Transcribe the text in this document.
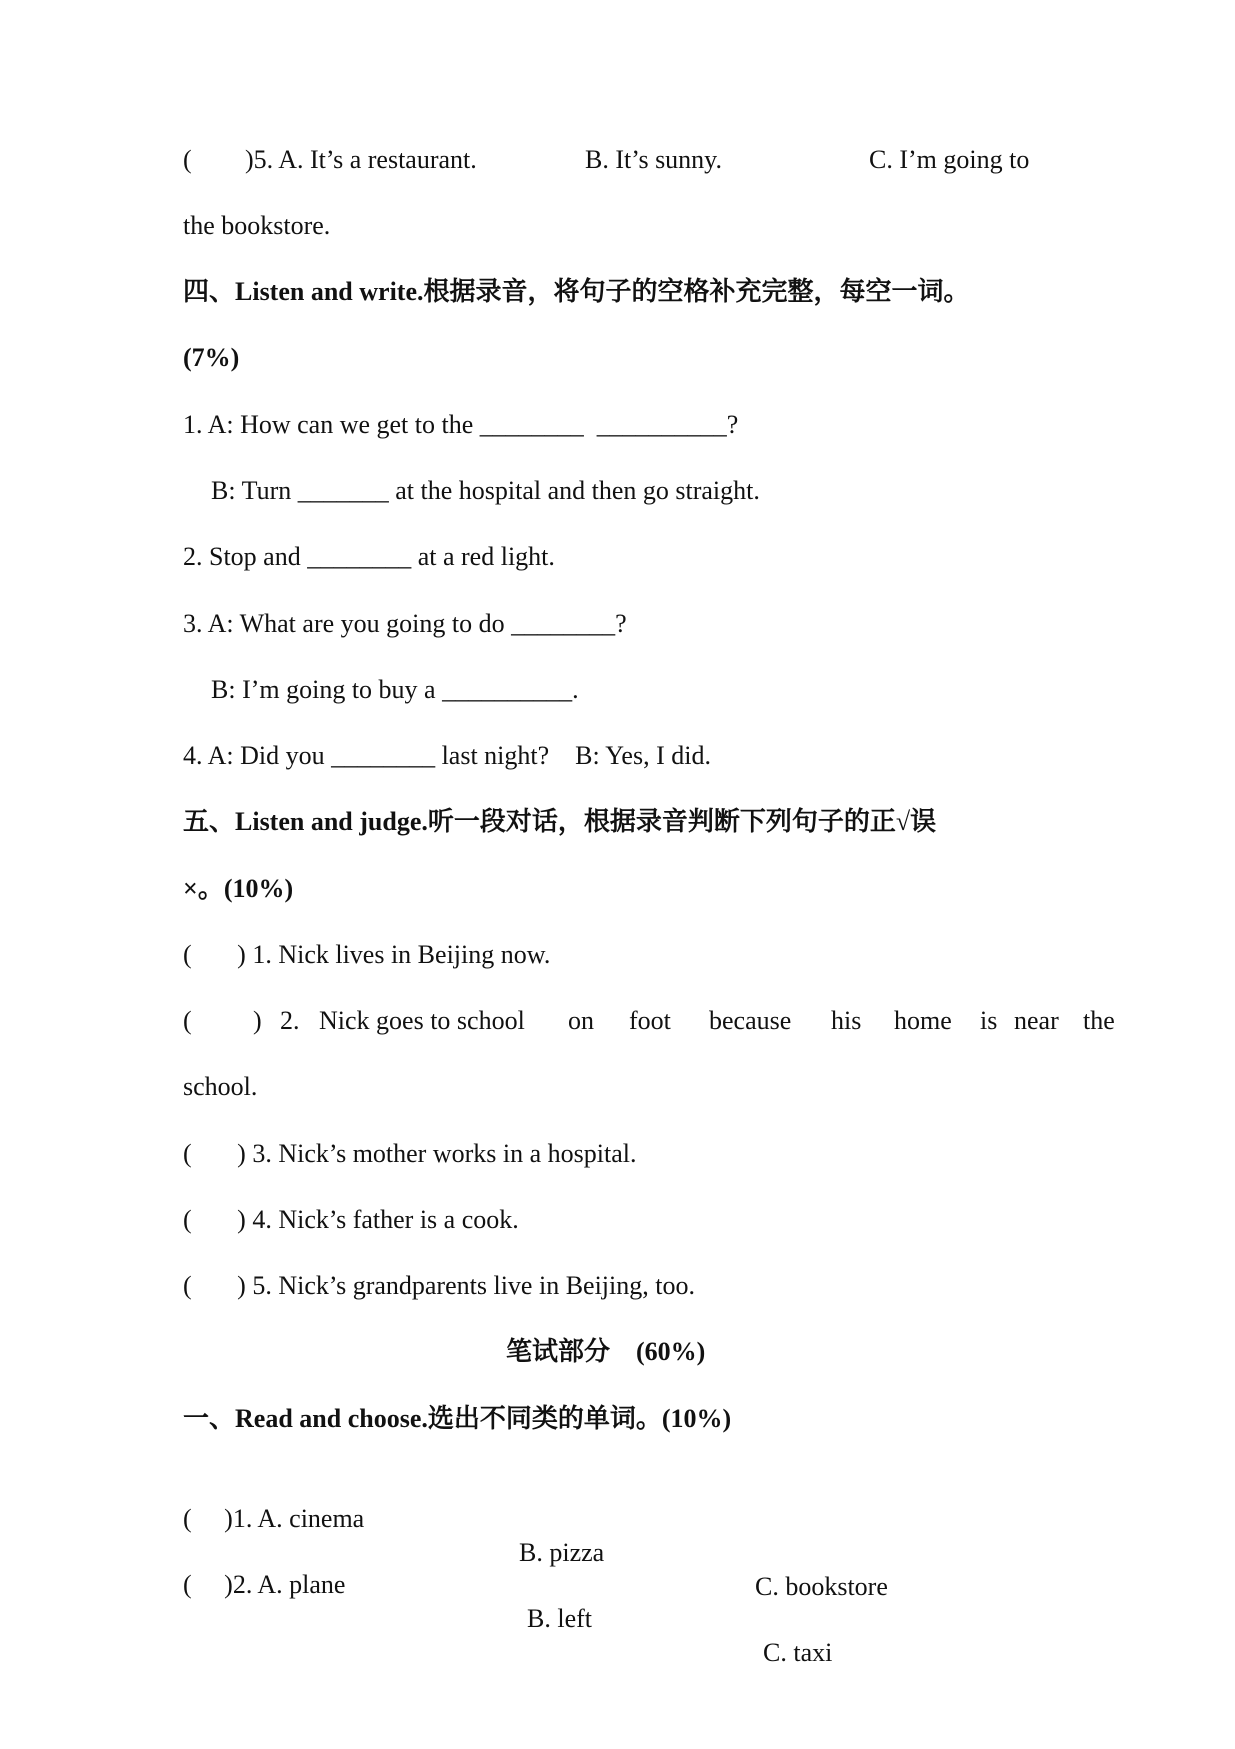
( )5. A. It’s a restaurant.	B. It’s sunny.	C. I’m going to
the bookstore.
四、Listen and write.根据录音，将句子的空格补充完整，每空一词。
(7%)
1. A: How can we get to the ________  __________?
B: Turn _______ at the hospital and then go straight.
2. Stop and ________ at a red light.
3. A: What are you going to do ________?
B: I’m going to buy a __________.
4. A: Did you ________ last night?    B: Yes, I did.
五、Listen and judge.听一段对话，根据录音判断下列句子的正√误
×。(10%)
(       ) 1. Nick lives in Beijing now.
( ) 2. Nick goes to school on foot because his home is near the
school.
(       ) 3. Nick’s mother works in a hospital.
(       ) 4. Nick’s father is a cook.
(       ) 5. Nick’s grandparents live in Beijing, too.
笔试部分    (60%)
一、Read and choose.选出不同类的单词。(10%)

(     )1. A. cinema

B. pizza

C. bookstore

(     )2. A. plane

B. left

C. taxi
